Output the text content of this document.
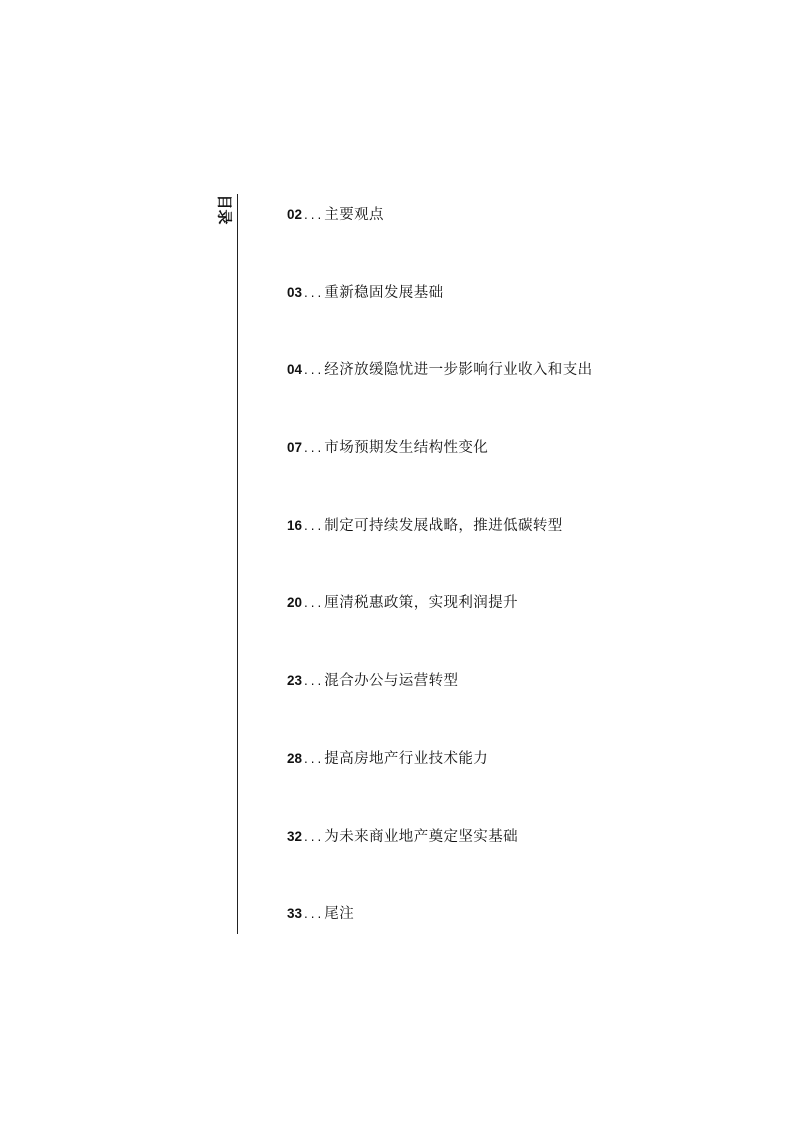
目录	02 ... 主要观点
03 ... 重新稳固发展基础
04 ... 经济放缓隐忧进一步影响行业收入和支出
07 ... 市场预期发生结构性变化
16 ... 制定可持续发展战略，推进低碳转型
20 ... 厘清税惠政策，实现利润提升
23 ... 混合办公与运营转型
28 ... 提高房地产行业技术能力
32 ... 为未来商业地产奠定坚实基础
33 ... 尾注
